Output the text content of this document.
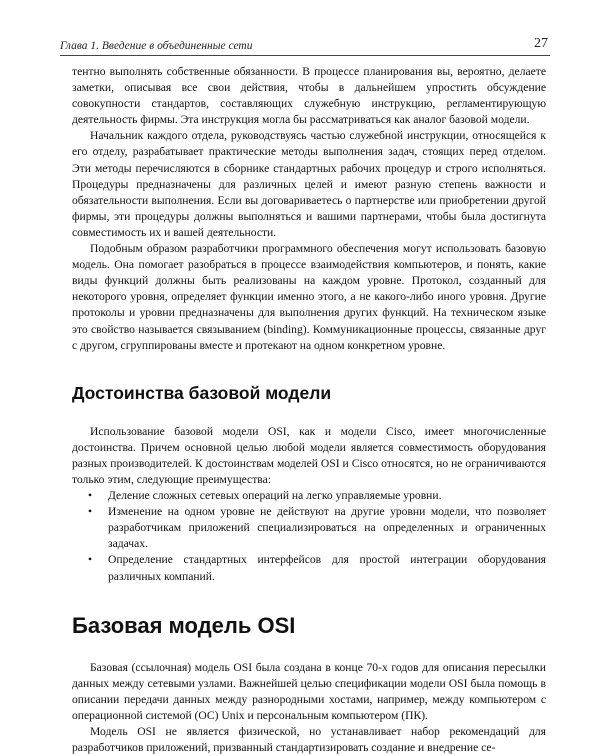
Глава 1. Введение в объединенные сети	27

тентно выполнять собственные обязанности. В процессе планирования вы, вероятно, делаете заметки, описывая все свои действия, чтобы в дальнейшем упростить обсуждение совокупности стандартов, составляющих служебную инструкцию, регламентирующую деятельность фирмы. Эта инструкция могла бы рассматриваться как аналог базовой модели.

Начальник каждого отдела, руководствуясь частью служебной инструкции, относящейся к его отделу, разрабатывает практические методы выполнения задач, стоящих перед отделом. Эти методы перечисляются в сборнике стандартных рабочих процедур и строго исполняться. Процедуры предназначены для различных целей и имеют разную степень важности и обязательности выполнения. Если вы договариваетесь о партнерстве или приобретении другой фирмы, эти процедуры должны выполняться и вашими партнерами, чтобы была достигнута совместимость их и вашей деятельности.

Подобным образом разработчики программного обеспечения могут использовать базовую модель. Она помогает разобраться в процессе взаимодействия компьютеров, и понять, какие виды функций должны быть реализованы на каждом уровне. Протокол, созданный для некоторого уровня, определяет функции именно этого, а не какого-либо иного уровня. Другие протоколы и уровни предназначены для выполнения других функций. На техническом языке это свойство называется связыванием (binding). Коммуникационные процессы, связанные друг с другом, сгруппированы вместе и протекают на одном конкретном уровне.

Достоинства базовой модели

Использование базовой модели OSI, как и модели Cisco, имеет многочисленные достоинства. Причем основной целью любой модели является совместимость оборудования разных производителей. К достоинствам моделей OSI и Cisco относятся, но не ограничиваются только этим, следующие преимущества:

• Деление сложных сетевых операций на легко управляемые уровни.
• Изменение на одном уровне не действуют на другие уровни модели, что позволяет разработчикам приложений специализироваться на определенных и ограниченных задачах.
• Определение стандартных интерфейсов для простой интеграции оборудования различных компаний.
Базовая модель OSI

Базовая (ссылочная) модель OSI была создана в конце 70-х годов для описания пересылки данных между сетевыми узлами. Важнейшей целью спецификации модели OSI была помощь в описании передачи данных между разнородными хостами, например, между компьютером с операционной системой (ОС) Unix и персональным компьютером (ПК).

Модель OSI не является физической, но устанавливает набор рекомендаций для разработчиков приложений, призванный стандартизировать создание и внедрение се-
